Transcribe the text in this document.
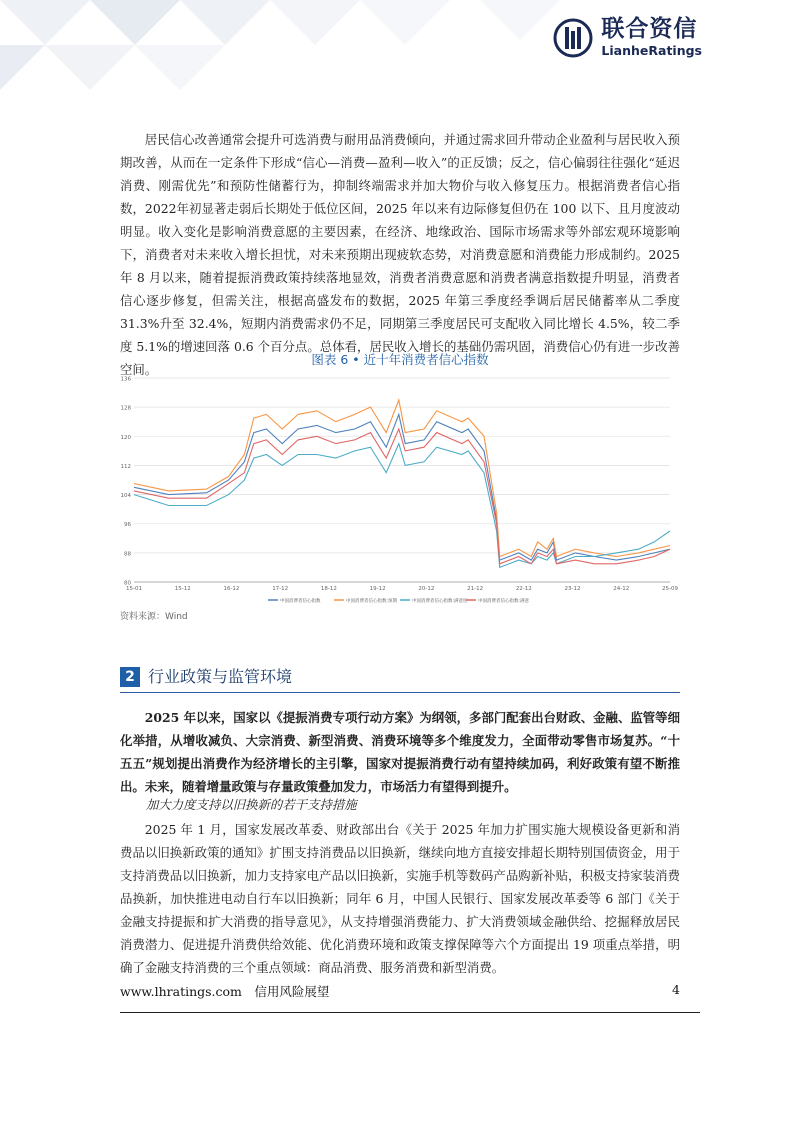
联合资信
LianheRatings

居民信心改善通常会提升可选消费与耐用品消费倾向，并通过需求回升带动企业盈利与居民收入预期改善，从而在一定条件下形成“信心—消费—盈利—收入”的正反馈；反之，信心偏弱往往强化“延迟消费、刚需优先”和预防性储蓄行为，抑制终端需求并加大物价与收入修复压力。根据消费者信心指数，2022年初显著走弱后长期处于低位区间，2025 年以来有边际修复但仍在 100 以下、且月度波动明显。收入变化是影响消费意愿的主要因素，在经济、地缘政治、国际市场需求等外部宏观环境影响下，消费者对未来收入增长担忧，对未来预期出现疲软态势，对消费意愿和消费能力形成制约。2025 年 8 月以来，随着提振消费政策持续落地显效，消费者消费意愿和消费者满意指数提升明显，消费者信心逐步修复，但需关注，根据高盛发布的数据，2025 年第三季度经季调后居民储蓄率从二季度 31.3%升至 32.4%，短期内消费需求仍不足，同期第三季度居民可支配收入同比增长 4.5%，较二季度 5.1%的增速回落 0.6 个百分点。总体看，居民收入增长的基础仍需巩固，消费信心仍有进一步改善空间。

图表 6 • 近十年消费者信心指数
80
88
96
104
112
120
128
136
15-01	15-12	16-12	17-12	18-12	19-12	20-12	21-12	22-12	23-12	24-12	25-09
中国消费者信心指数	中国消费者信心指数:预期	中国消费者信心指数:满意度 中国消费者信心指数:满意
资料来源：Wind
2 行业政策与监管环境

2025 年以来，国家以《提振消费专项行动方案》为纲领，多部门配套出台财政、金融、监管等细化举措，从增收减负、大宗消费、新型消费、消费环境等多个维度发力，全面带动零售市场复苏。“十五五”规划提出消费作为经济增长的主引擎，国家对提振消费行动有望持续加码，利好政策有望不断推出。未来，随着增量政策与存量政策叠加发力，市场活力有望得到提升。

加大力度支持以旧换新的若干支持措施

2025 年 1 月，国家发展改革委、财政部出台《关于 2025 年加力扩围实施大规模设备更新和消费品以旧换新政策的通知》扩围支持消费品以旧换新，继续向地方直接安排超长期特别国债资金，用于支持消费品以旧换新，加力支持家电产品以旧换新，实施手机等数码产品购新补贴，积极支持家装消费品换新，加快推进电动自行车以旧换新；同年 6 月，中国人民银行、国家发展改革委等 6 部门《关于金融支持提振和扩大消费的指导意见》，从支持增强消费能力、扩大消费领域金融供给、挖掘释放居民消费潜力、促进提升消费供给效能、优化消费环境和政策支撑保障等六个方面提出 19 项重点举措，明确了金融支持消费的三个重点领域：商品消费、服务消费和新型消费。

www.lhratings.com　信用风险展望	4
